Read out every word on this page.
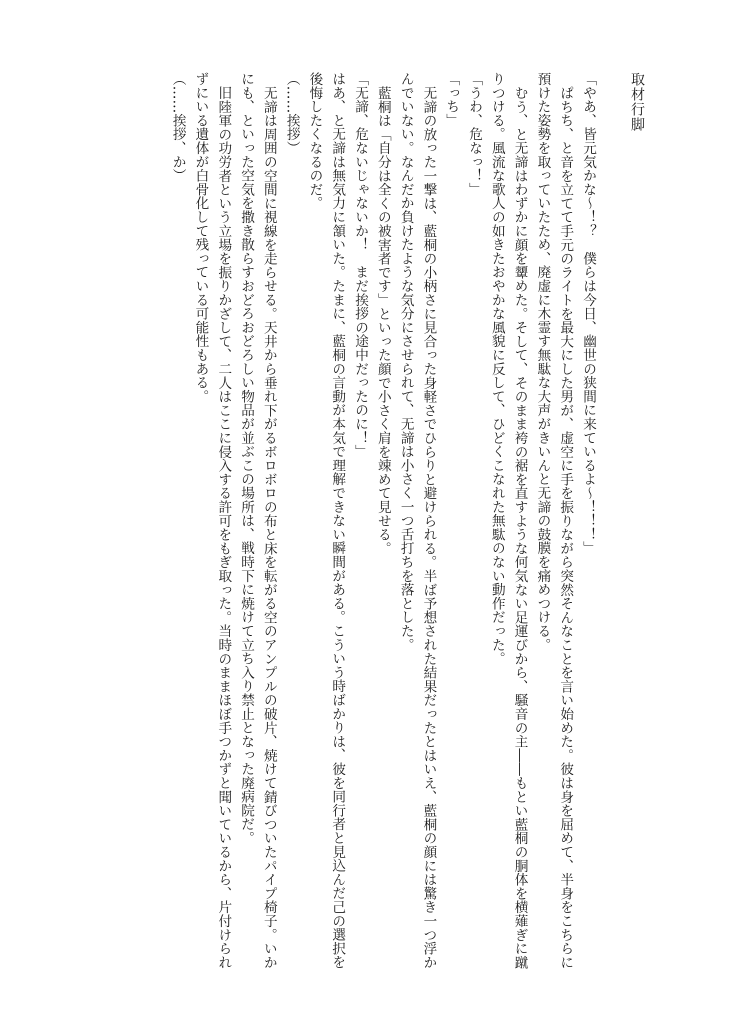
取材行脚

「やあ、皆元気かな〜！？　僕らは今日、幽世の狭間に来ているよ〜！！！」

ぱちち、と音を立てて手元のライトを最大にした男が、虚空に手を振りながら突然そんなことを言い始めた。彼は身を屈めて、半身をこちらに預けた姿勢を取っていたため、廃虚に木霊す無駄な大声がきいんと无諦の鼓膜を痛めつける。

むう、と无諦はわずかに顔を顰めた。そして、そのまま袴の裾を直すような何気ない足運びから、騒音の主――もとい藍桐の胴体を横薙ぎに蹴りつける。風流な歌人の如きたおやかな風貌に反して、ひどくこなれた無駄のない動作だった。

「うわ、危なっ！」

「っち」

无諦の放った一撃は、藍桐の小柄さに見合った身軽さでひらりと避けられる。半ば予想された結果だったとはいえ、藍桐の顔には驚き一つ浮かんでいない。なんだか負けたような気分にさせられて、无諦は小さく一つ舌打ちを落とした。

藍桐は「自分は全くの被害者です」といった顔で小さく肩を竦めて見せる。

「无諦、危ないじゃないか！　まだ挨拶の途中だったのに！」

はあ、と无諦は無気力に頷いた。たまに、藍桐の言動が本気で理解できない瞬間がある。こういう時ばかりは、彼を同行者と見込んだ己の選択を後悔したくなるのだ。

（……挨拶）

无諦は周囲の空間に視線を走らせる。天井から垂れ下がるボロボロの布と床を転がる空のアンプルの破片、焼けて錆びついたパイプ椅子。いかにも、といった空気を撒き散らすおどろおどろしい物品が並ぶこの場所は、戦時下に焼けて立ち入り禁止となった廃病院だ。

旧陸軍の功労者という立場を振りかざして、二人はここに侵入する許可をもぎ取った。当時のままほぼ手つかずと聞いているから、片付けられずにいる遺体が白骨化して残っている可能性もある。

（……挨拶、か）
